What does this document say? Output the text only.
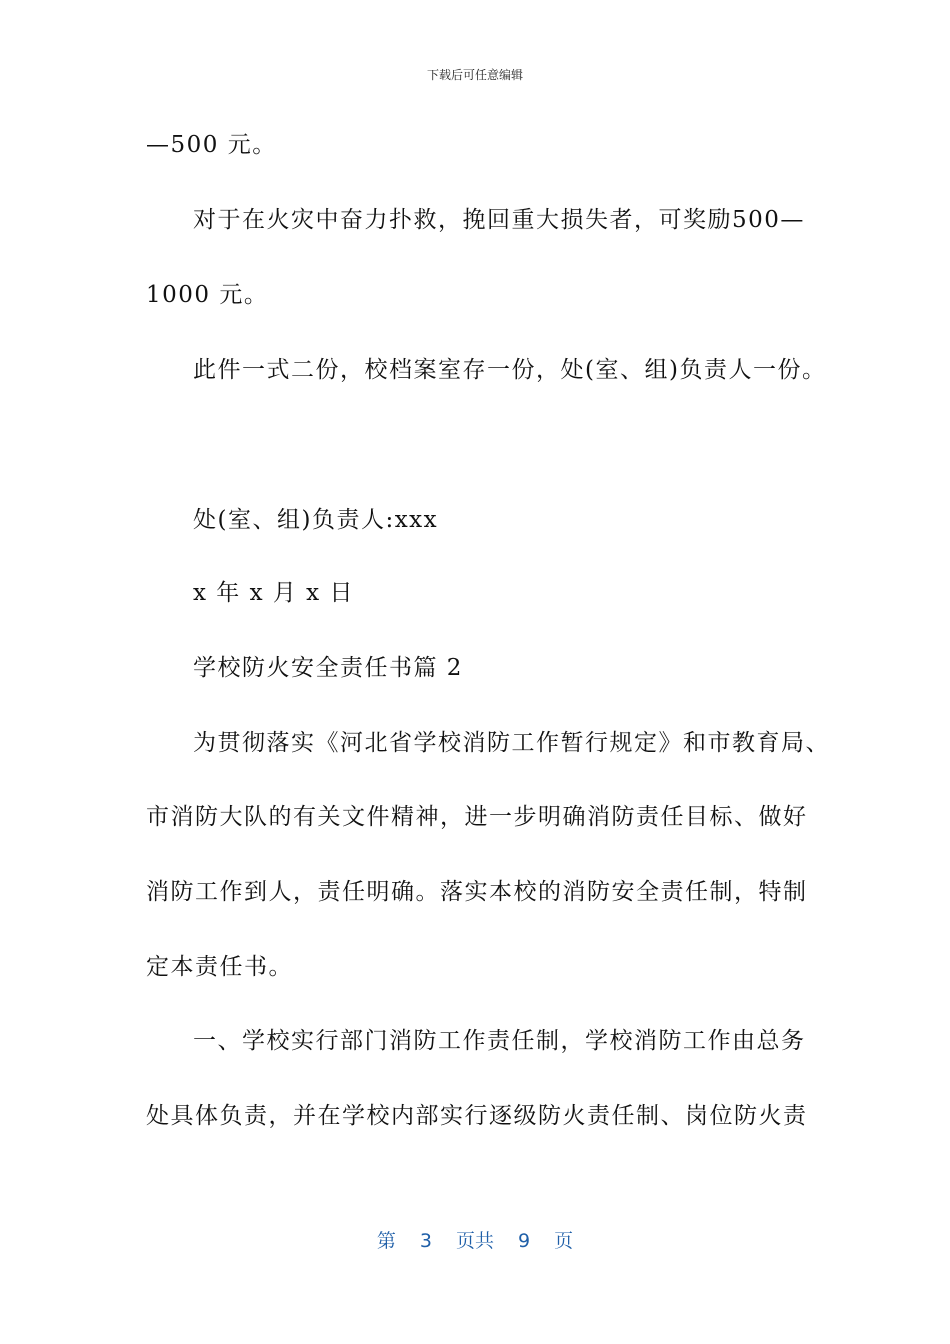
下载后可任意编辑
—500 元。
对于在火灾中奋力扑救，挽回重大损失者，可奖励500—
1000 元。
此件一式二份，校档案室存一份，处(室、组)负责人一份。
处(室、组)负责人:xxx
x 年 x 月 x 日
学校防火安全责任书篇 2
为贯彻落实《河北省学校消防工作暂行规定》和市教育局、
市消防大队的有关文件精神，进一步明确消防责任目标、做好
消防工作到人，责任明确。落实本校的消防安全责任制，特制
定本责任书。
一、学校实行部门消防工作责任制，学校消防工作由总务
处具体负责，并在学校内部实行逐级防火责任制、岗位防火责
第 3 页共 9 页
